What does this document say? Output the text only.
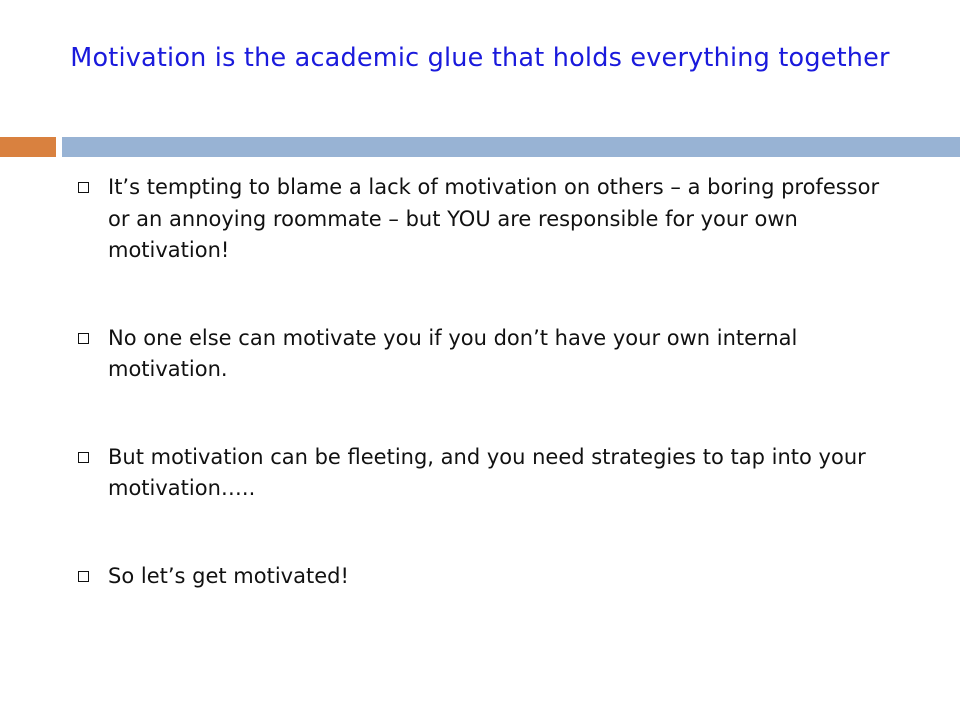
Motivation is the academic glue that holds everything together
It’s tempting to blame a lack of motivation on others – a boring professor or an annoying roommate – but YOU are responsible for your own motivation!
No one else can motivate you if you don’t have your own internal motivation.
But motivation can be fleeting, and you need strategies to tap into your motivation…..
So let’s get motivated!
